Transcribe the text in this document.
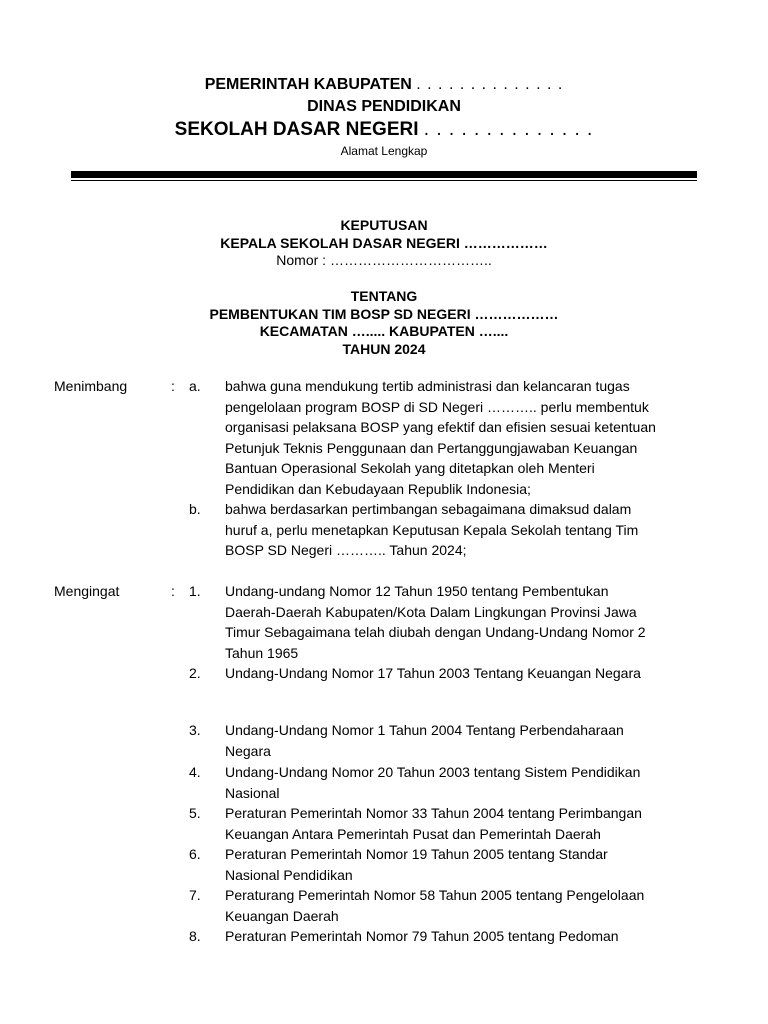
PEMERINTAH KABUPATEN . . . . . . . . . . . . . .
DINAS PENDIDIKAN
SEKOLAH DASAR NEGERI . . . . . . . . . . . . . .
Alamat Lengkap
KEPUTUSAN
KEPALA SEKOLAH DASAR NEGERI ………………
Nomor : ……………………………..
TENTANG
PEMBENTUKAN TIM BOSP SD NEGERI ………………
KECAMATAN …..... KABUPATEN …....
TAHUN 2024
Menimbang	: a. bahwa guna mendukung tertib administrasi dan kelancaran tugas
pengelolaan program BOSP di SD Negeri ……….. perlu membentuk
organisasi pelaksana BOSP yang efektif dan efisien sesuai ketentuan
Petunjuk Teknis Penggunaan dan Pertanggungjawaban Keuangan
Bantuan Operasional Sekolah yang ditetapkan oleh Menteri
Pendidikan dan Kebudayaan Republik Indonesia;
b. bahwa berdasarkan pertimbangan sebagaimana dimaksud dalam
huruf a, perlu menetapkan Keputusan Kepala Sekolah tentang Tim
BOSP SD Negeri ……….. Tahun 2024;
Mengingat	: 1. Undang-undang Nomor 12 Tahun 1950 tentang Pembentukan
Daerah-Daerah Kabupaten/Kota Dalam Lingkungan Provinsi Jawa
Timur Sebagaimana telah diubah dengan Undang-Undang Nomor 2
Tahun 1965
2. Undang-Undang Nomor 17 Tahun 2003 Tentang Keuangan Negara
3. Undang-Undang Nomor 1 Tahun 2004 Tentang Perbendaharaan
Negara
4. Undang-Undang Nomor 20 Tahun 2003 tentang Sistem Pendidikan
Nasional
5. Peraturan Pemerintah Nomor 33 Tahun 2004 tentang Perimbangan
Keuangan Antara Pemerintah Pusat dan Pemerintah Daerah
6. Peraturan Pemerintah Nomor 19 Tahun 2005 tentang Standar
Nasional Pendidikan
7. Peraturang Pemerintah Nomor 58 Tahun 2005 tentang Pengelolaan
Keuangan Daerah
8. Peraturan Pemerintah Nomor 79 Tahun 2005 tentang Pedoman
